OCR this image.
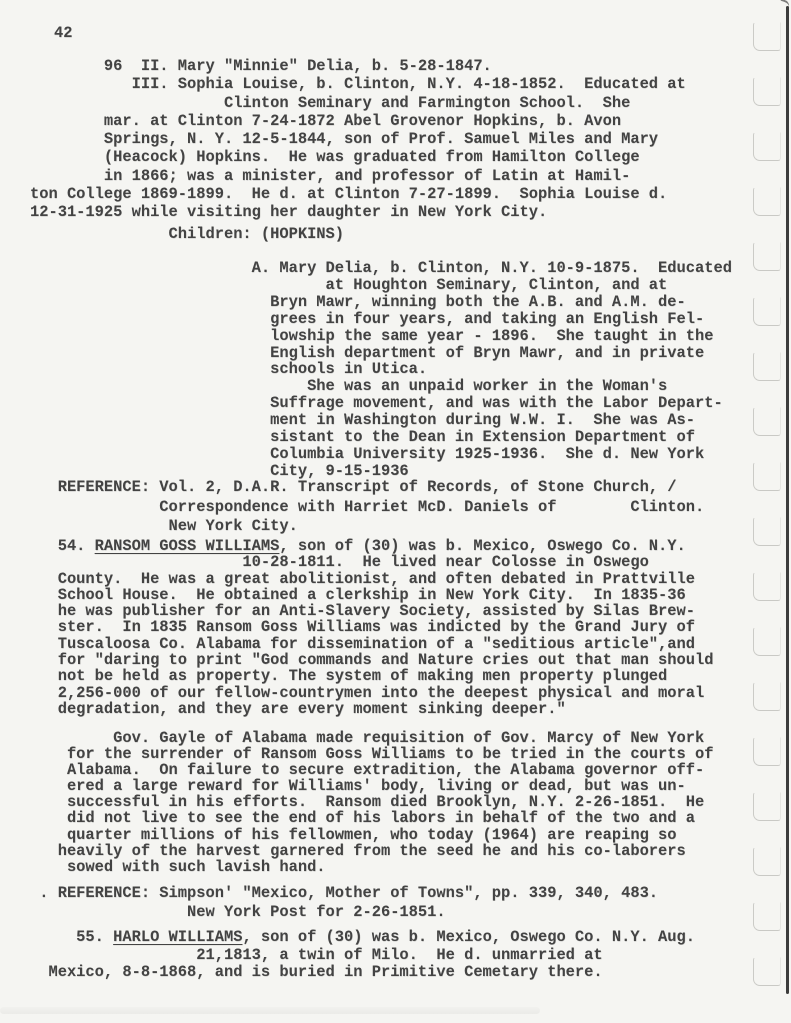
42
96  II. Mary "Minnie" Delia, b. 5-28-1847.
III. Sophia Louise, b. Clinton, N.Y. 4-18-1852.  Educated at
Clinton Seminary and Farmington School.  She
mar. at Clinton 7-24-1872 Abel Grovenor Hopkins, b. Avon
Springs, N. Y. 12-5-1844, son of Prof. Samuel Miles and Mary
(Heacock) Hopkins.  He was graduated from Hamilton College
in 1866; was a minister, and professor of Latin at Hamil-
ton College 1869-1899.  He d. at Clinton 7-27-1899.  Sophia Louise d.
12-31-1925 while visiting her daughter in New York City.
Children: (HOPKINS)
A. Mary Delia, b. Clinton, N.Y. 10-9-1875.  Educated
at Houghton Seminary, Clinton, and at
Bryn Mawr, winning both the A.B. and A.M. de-
grees in four years, and taking an English Fel-
lowship the same year - 1896.  She taught in the
English department of Bryn Mawr, and in private
schools in Utica.
She was an unpaid worker in the Woman's
Suffrage movement, and was with the Labor Depart-
ment in Washington during W.W. I.  She was As-
sistant to the Dean in Extension Department of
Columbia University 1925-1936.  She d. New York
City, 9-15-1936
REFERENCE: Vol. 2, D.A.R. Transcript of Records, of Stone Church, /
Correspondence with Harriet McD. Daniels of        Clinton.
New York City.
54. RANSOM GOSS WILLIAMS, son of (30) was b. Mexico, Oswego Co. N.Y.
10-28-1811.  He lived near Colosse in Oswego
County.  He was a great abolitionist, and often debated in Prattville
School House.  He obtained a clerkship in New York City.  In 1835-36
he was publisher for an Anti-Slavery Society, assisted by Silas Brew-
ster.  In 1835 Ransom Goss Williams was indicted by the Grand Jury of
Tuscaloosa Co. Alabama for dissemination of a "seditious article",and
for "daring to print "God commands and Nature cries out that man should
not be held as property. The system of making men property plunged
2,256-000 of our fellow-countrymen into the deepest physical and moral
degradation, and they are every moment sinking deeper."
Gov. Gayle of Alabama made requisition of Gov. Marcy of New York
for the surrender of Ransom Goss Williams to be tried in the courts of
Alabama.  On failure to secure extradition, the Alabama governor off-
ered a large reward for Williams' body, living or dead, but was un-
successful in his efforts.  Ransom died Brooklyn, N.Y. 2-26-1851.  He
did not live to see the end of his labors in behalf of the two and a
quarter millions of his fellowmen, who today (1964) are reaping so
heavily of the harvest garnered from the seed he and his co-laborers
sowed with such lavish hand.
. REFERENCE: Simpson' "Mexico, Mother of Towns", pp. 339, 340, 483.
New York Post for 2-26-1851.
55. HARLO WILLIAMS, son of (30) was b. Mexico, Oswego Co. N.Y. Aug.
21,1813, a twin of Milo.  He d. unmarried at
Mexico, 8-8-1868, and is buried in Primitive Cemetary there.
